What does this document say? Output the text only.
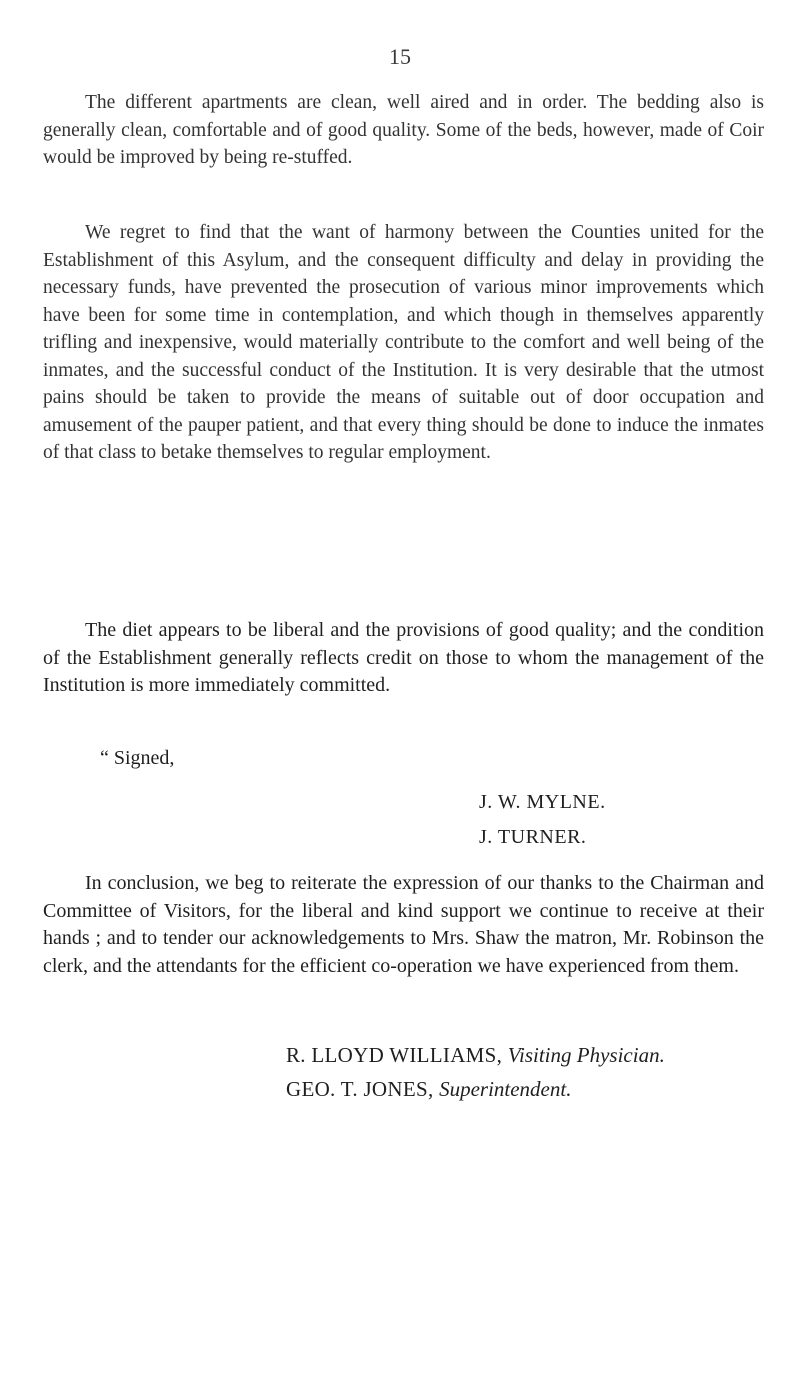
15

The different apartments are clean, well aired and in order. The bedding also is generally clean, comfortable and of good quality. Some of the beds, however, made of Coir would be improved by being re-stuffed.

We regret to find that the want of harmony between the Counties united for the Establishment of this Asylum, and the consequent difficulty and delay in providing the necessary funds, have prevented the prosecution of various minor improvements which have been for some time in contemplation, and which though in themselves apparently trifling and inexpensive, would materially contribute to the comfort and well being of the inmates, and the successful conduct of the Institution. It is very desirable that the utmost pains should be taken to provide the means of suitable out of door occupation and amusement of the pauper patient, and that every thing should be done to induce the inmates of that class to betake themselves to regular employment.

The diet appears to be liberal and the provisions of good quality; and the condition of the Establishment generally reflects credit on those to whom the management of the Institution is more immediately committed.

“ Signed,
J. W. MYLNE.
J. TURNER.

In conclusion, we beg to reiterate the expression of our thanks to the Chairman and Committee of Visitors, for the liberal and kind support we continue to receive at their hands ; and to tender our acknowledgements to Mrs. Shaw the matron, Mr. Robinson the clerk, and the attendants for the efficient co-operation we have experienced from them.

R. LLOYD WILLIAMS, Visiting Physician.
GEO. T. JONES, Superintendent.
